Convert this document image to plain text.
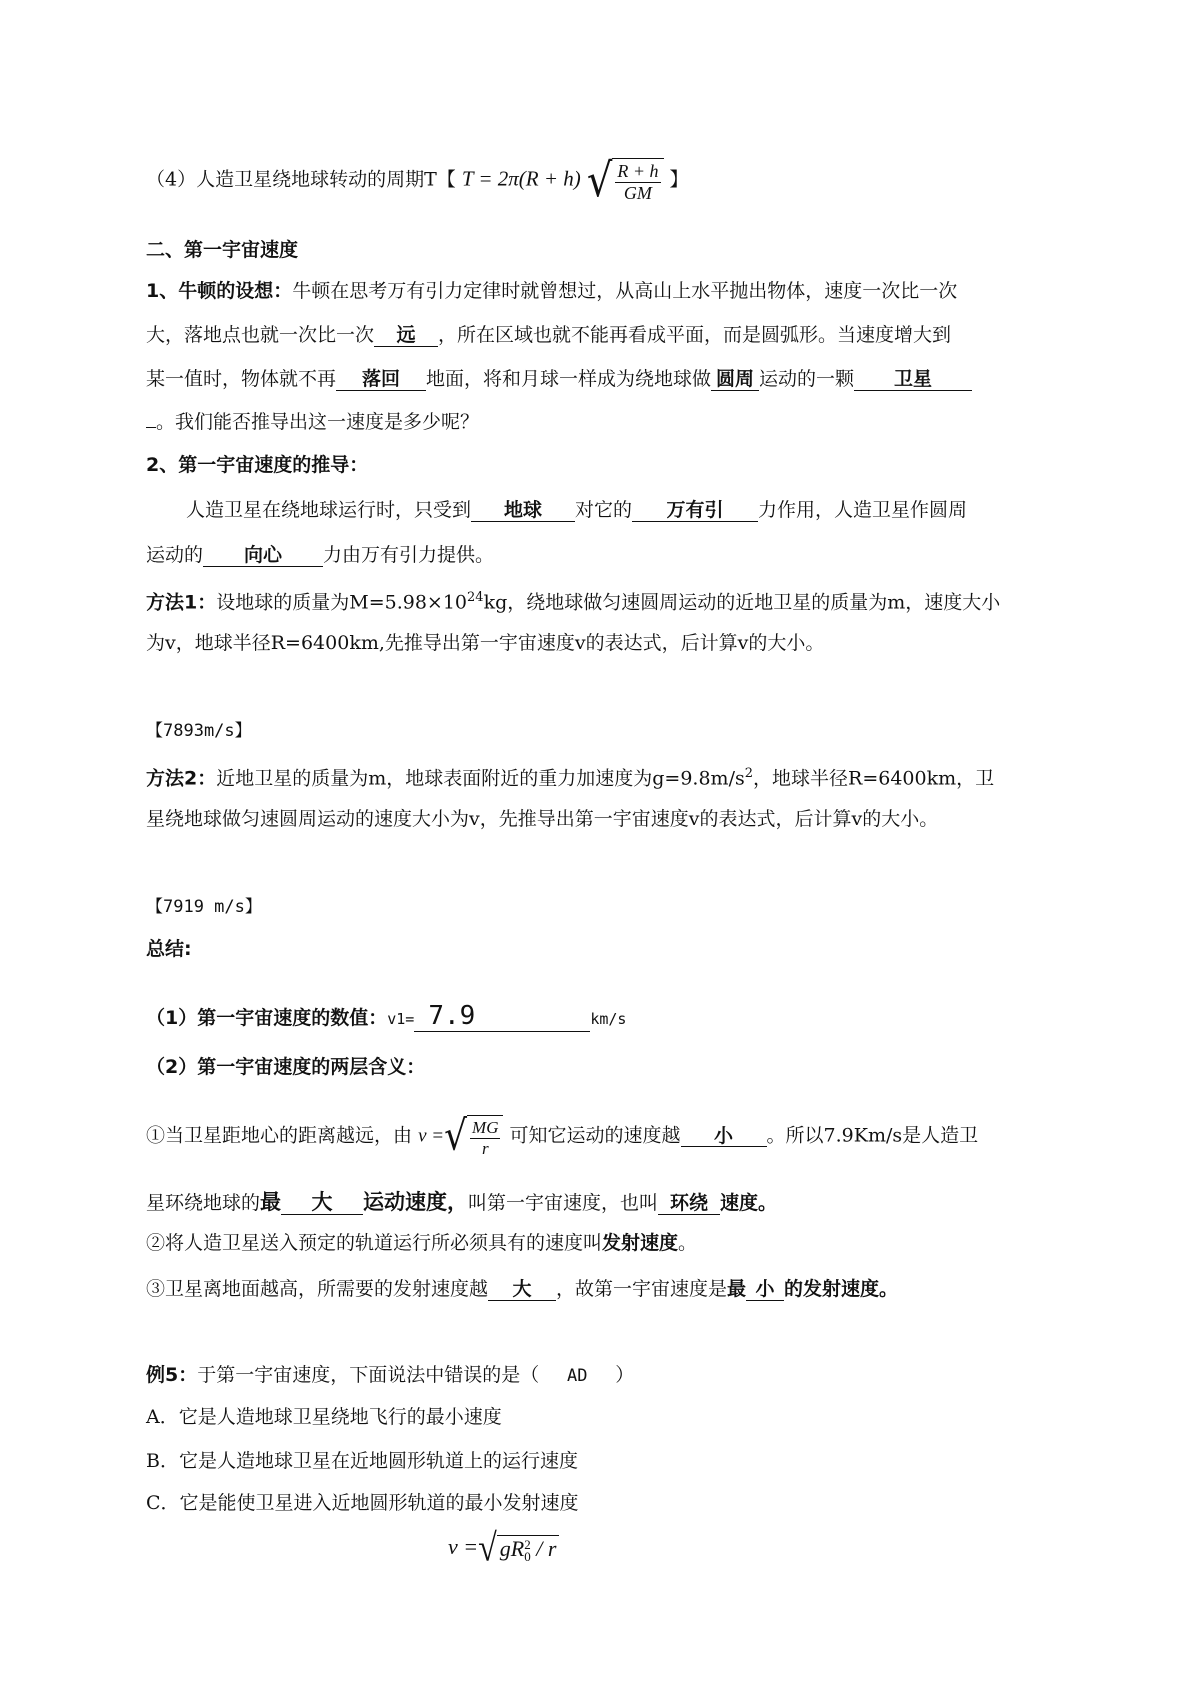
（4）人造卫星绕地球转动的周期T【 T = 2π(R + h) √ $\frac{R + h}{GM}$ 】
二、第一宇宙速度
1、牛顿的设想：牛顿在思考万有引力定律时就曾想过，从高山上水平抛出物体，速度一次比一次
大，落地点也就一次比一次 远 ，所在区域也就不能再看成平面，而是圆弧形。当速度增大到
某一值时，物体就不再 落回 地面，将和月球一样成为绕地球做 圆周 运动的一颗 卫星
。我们能否推导出这一速度是多少呢？
2、第一宇宙速度的推导：
人造卫星在绕地球运行时，只受到 地球 对它的 万有引 力作用，人造卫星作圆周
运动的 向心 力由万有引力提供。
方法1：设地球的质量为$M=5.98\times 10^{24}kg$，绕地球做匀速圆周运动的近地卫星的质量为m，速度大小
为v，地球半径R=6400km,先推导出第一宇宙速度v的表达式，后计算v的大小。
【7893m/s】
方法2：近地卫星的质量为m，地球表面附近的重力加速度为$g=9.8m/s^2$，地球半径R=6400km，卫
星绕地球做匀速圆周运动的速度大小为v，先推导出第一宇宙速度v的表达式，后计算v的大小。
【7919 m/s】
总结:
（1）第一宇宙速度的数值：v1= 7.9	km/s
（2）第一宇宙速度的两层含义：
①当卫星距地心的距离越远，由 v =√ $\frac{MG}{r}$ 可知它运动的速度越 小 。所以7.9Km/s是人造卫
星环绕地球的最 大 运动速度，叫第一宇宙速度，也叫 环绕 速度。
②将人造卫星送入预定的轨道运行所必须具有的速度叫发射速度。
③卫星离地面越高，所需要的发射速度越 大 ，故第一宇宙速度是最 小 的发射速度。
例5：于第一宇宙速度，下面说法中错误的是（ AD ）
A．它是人造地球卫星绕地飞行的最小速度
B．它是人造地球卫星在近地圆形轨道上的运行速度
C．它是能使卫星进入近地圆形轨道的最小发射速度
v =√ gR 2
0 / r
